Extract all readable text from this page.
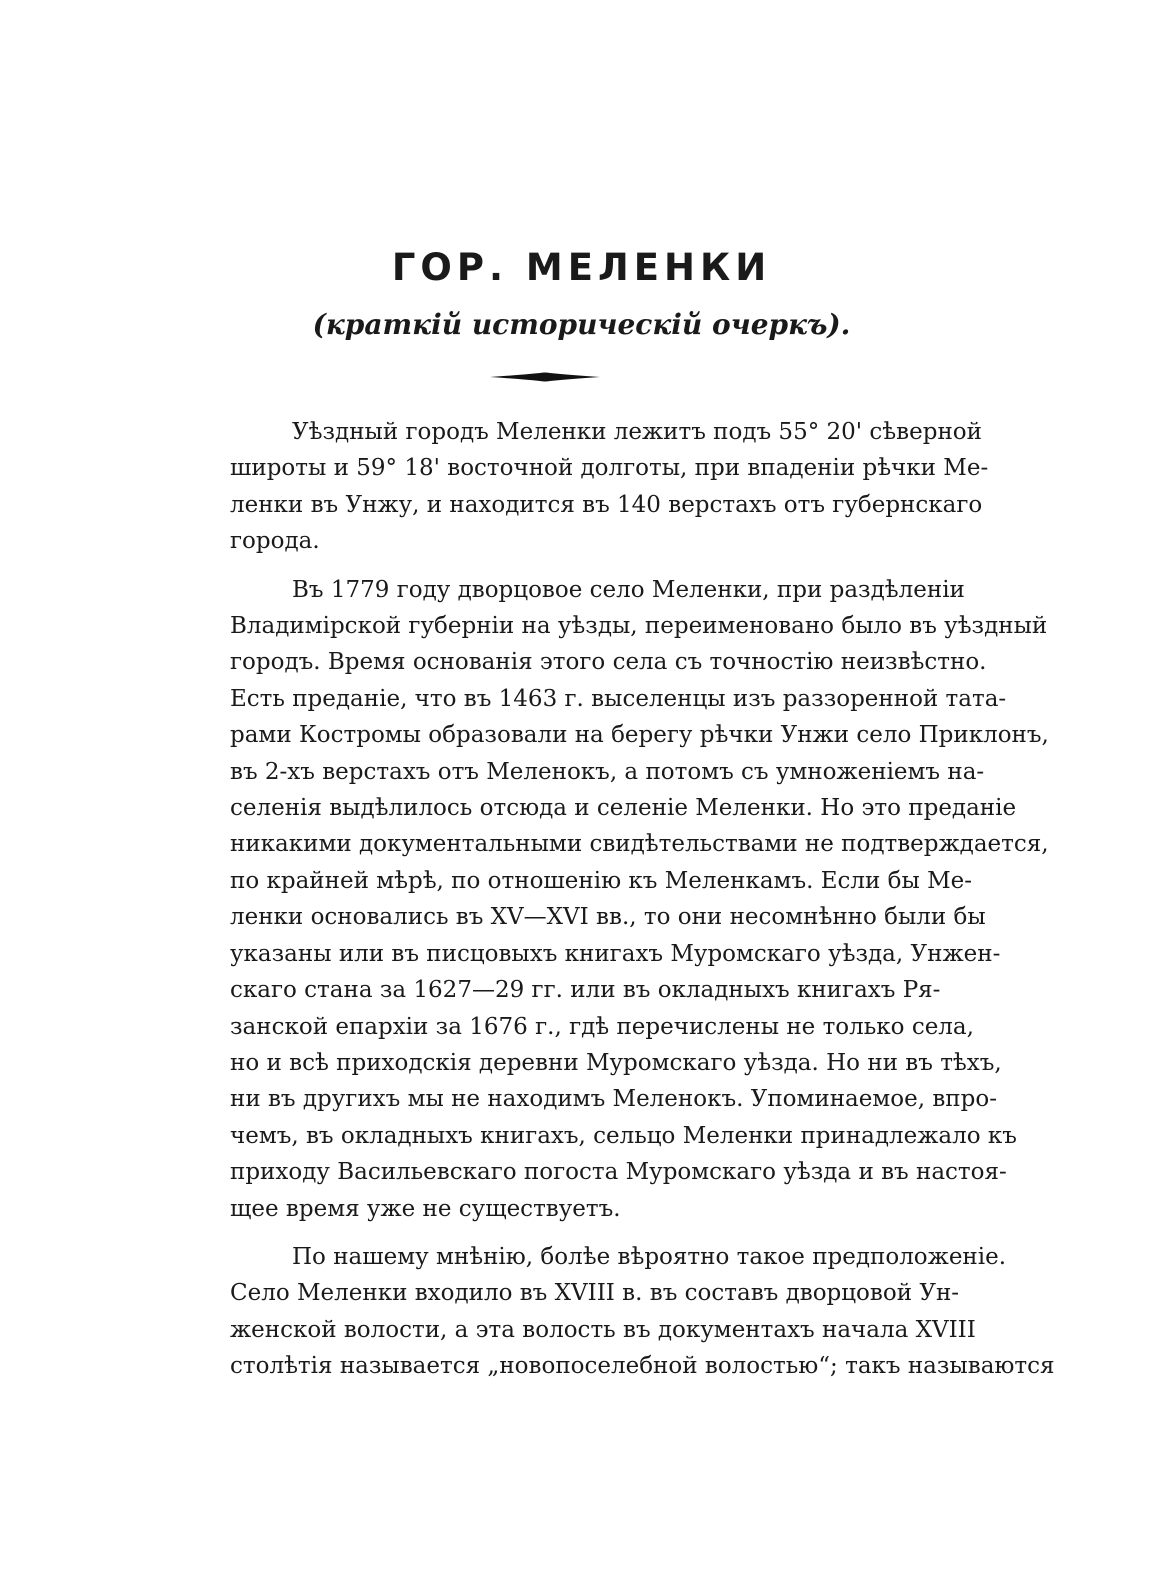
ГОР. МЕЛЕНКИ
(краткій историческій очеркъ).
Уѣздный городъ Меленки лежитъ подъ 55° 20' сѣверной
широты и 59° 18' восточной долготы, при впаденіи рѣчки Ме-
ленки въ Унжу, и находится въ 140 верстахъ отъ губернскаго
города.
Въ 1779 году дворцовое село Меленки, при раздѣленіи
Владимірской губерніи на уѣзды, переименовано было въ уѣздный
городъ. Время основанія этого села съ точностію неизвѣстно.
Есть преданіе, что въ 1463 г. выселенцы изъ раззоренной тата-
рами Костромы образовали на берегу рѣчки Унжи село Приклонъ,
въ 2-хъ верстахъ отъ Меленокъ, а потомъ съ умноженіемъ на-
селенія выдѣлилось отсюда и селеніе Меленки. Но это преданіе
никакими документальными свидѣтельствами не подтверждается,
по крайней мѣрѣ, по отношенію къ Меленкамъ. Если бы Ме-
ленки основались въ XV—XVI вв., то они несомнѣнно были бы
указаны или въ писцовыхъ книгахъ Муромскаго уѣзда, Унжен-
скаго стана за 1627—29 гг. или въ окладныхъ книгахъ Ря-
занской епархіи за 1676 г., гдѣ перечислены не только села,
но и всѣ приходскія деревни Муромскаго уѣзда. Но ни въ тѣхъ,
ни въ другихъ мы не находимъ Меленокъ. Упоминаемое, впро-
чемъ, въ окладныхъ книгахъ, сельцо Меленки принадлежало къ
приходу Васильевскаго погоста Муромскаго уѣзда и въ настоя-
щее время уже не существуетъ.
По нашему мнѣнію, болѣе вѣроятно такое предположеніе.
Село Меленки входило въ XVIII в. въ составъ дворцовой Ун-
женской волости, а эта волость въ документахъ начала XVIII
столѣтія называется „новопоселебной волостью“; такъ называются
